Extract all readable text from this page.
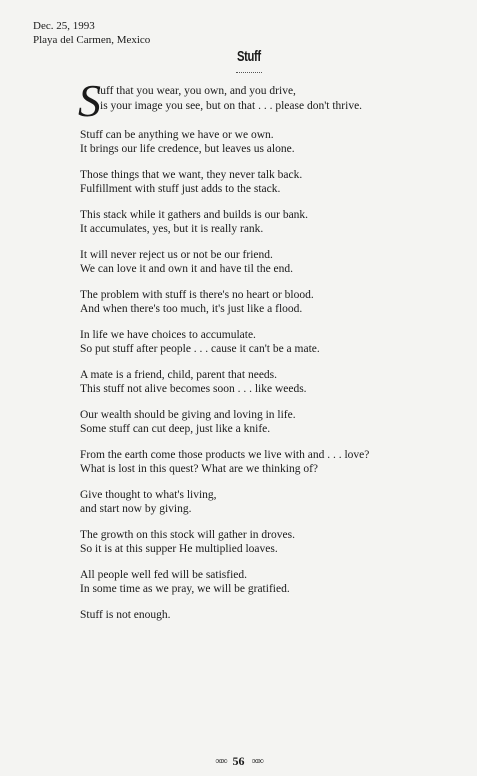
Dec. 25, 1993
Playa del Carmen, Mexico
Stuff
S
tuff that you wear, you own, and you drive,
is your image you see, but on that . . . please don't thrive.
Stuff can be anything we have or we own.
It brings our life credence, but leaves us alone.
Those things that we want, they never talk back.
Fulfillment with stuff just adds to the stack.
This stack while it gathers and builds is our bank.
It accumulates, yes, but it is really rank.
It will never reject us or not be our friend.
We can love it and own it and have til the end.
The problem with stuff is there's no heart or blood.
And when there's too much, it's just like a flood.
In life we have choices to accumulate.
So put stuff after people . . . cause it can't be a mate.
A mate is a friend, child, parent that needs.
This stuff not alive becomes soon . . . like weeds.
Our wealth should be giving and loving in life.
Some stuff can cut deep, just like a knife.
From the earth come those products we live with and . . . love?
What is lost in this quest? What are we thinking of?
Give thought to what's living,
and start now by giving.
The growth on this stock will gather in droves.
So it is at this supper He multiplied loaves.
All people well fed will be satisfied.
In some time as we pray, we will be gratified.
Stuff is not enough.
∞∞ 56 ∞∞
